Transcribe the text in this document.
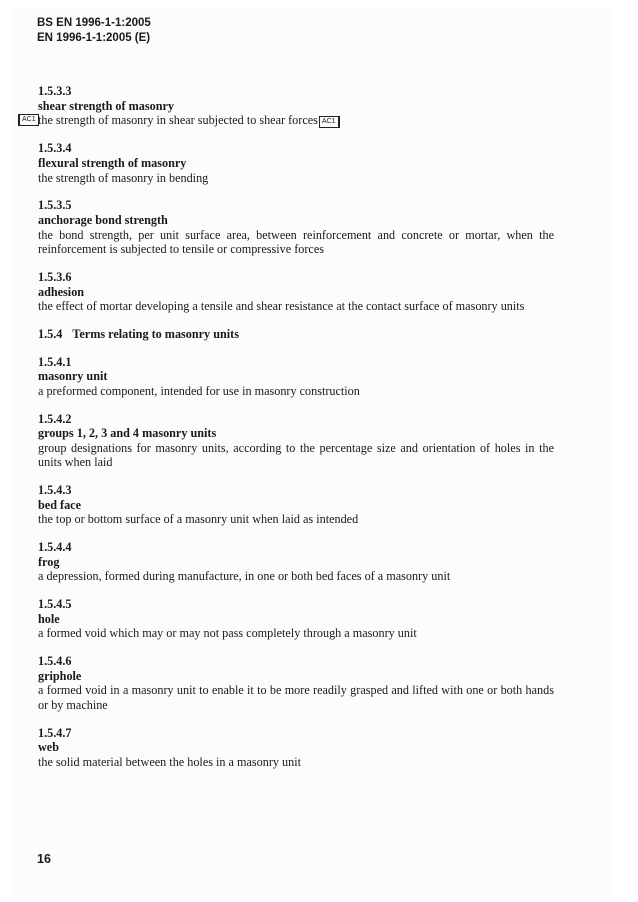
BS EN 1996-1-1:2005
EN 1996-1-1:2005 (E)
1.5.3.3
shear strength of masonry
AC1 the strength of masonry in shear subjected to shear forces AC1
1.5.3.4
flexural strength of masonry
the strength of masonry in bending
1.5.3.5
anchorage bond strength
the bond strength, per unit surface area, between reinforcement and concrete or mortar, when the reinforcement is subjected to tensile or compressive forces
1.5.3.6
adhesion
the effect of mortar developing a tensile and shear resistance at the contact surface of masonry units
1.5.4 Terms relating to masonry units
1.5.4.1
masonry unit
a preformed component, intended for use in masonry construction
1.5.4.2
groups 1, 2, 3 and 4 masonry units
group designations for masonry units, according to the percentage size and orientation of holes in the units when laid
1.5.4.3
bed face
the top or bottom surface of a masonry unit when laid as intended
1.5.4.4
frog
a depression, formed during manufacture, in one or both bed faces of a masonry unit
1.5.4.5
hole
a formed void which may or may not pass completely through a masonry unit
1.5.4.6
griphole
a formed void in a masonry unit to enable it to be more readily grasped and lifted with one or both hands or by machine
1.5.4.7
web
the solid material between the holes in a masonry unit
16
